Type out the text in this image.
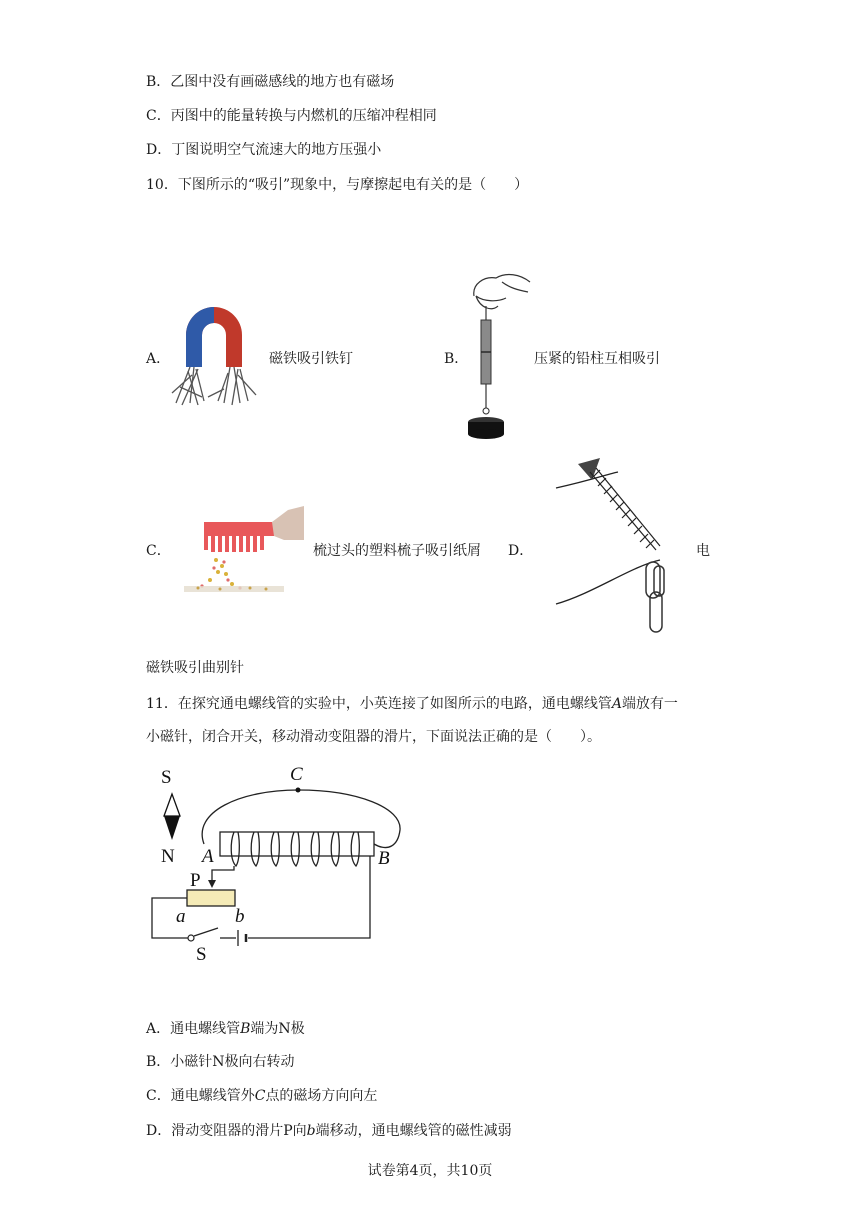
B．乙图中没有画磁感线的地方也有磁场
C．丙图中的能量转换与内燃机的压缩冲程相同
D．丁图说明空气流速大的地方压强小
10．下图所示的“吸引”现象中，与摩擦起电有关的是（　　）
A．	磁铁吸引铁钉	B．	压紧的铅柱互相吸引
C．	梳过头的塑料梳子吸引纸屑 D．	电
磁铁吸引曲别针
11．在探究通电螺线管的实验中，小英连接了如图所示的电路，通电螺线管A端放有一
小磁针，闭合开关，移动滑动变阻器的滑片，下面说法正确的是（　　）。
S
N
C
A	B
P
a	b
S
A．通电螺线管B端为N极
B．小磁针N极向右转动
C．通电螺线管外C点的磁场方向向左
D．滑动变阻器的滑片P向b端移动，通电螺线管的磁性减弱
试卷第4页，共10页
